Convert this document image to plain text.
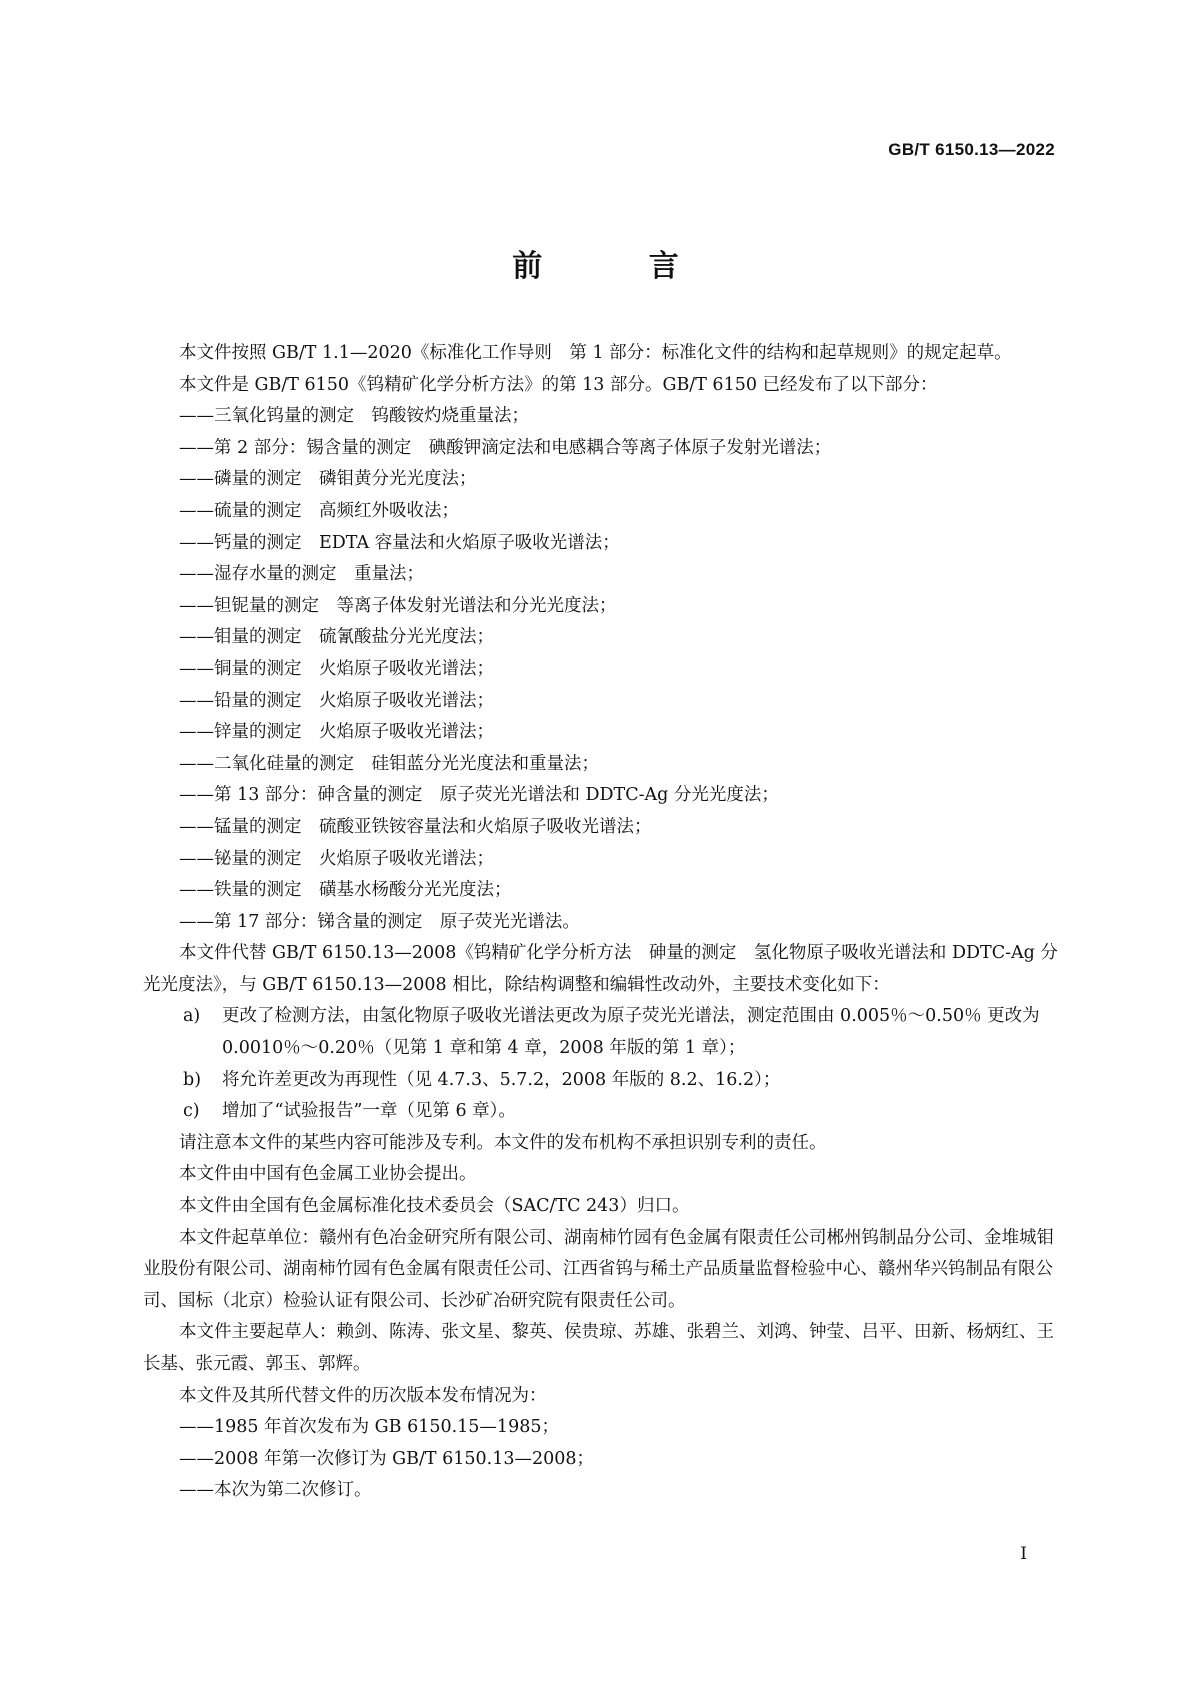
GB/T 6150.13—2022
前 言

本文件按照 GB/T 1.1—2020《标准化工作导则　第 1 部分：标准化文件的结构和起草规则》的规定起草。

本文件是 GB/T 6150《钨精矿化学分析方法》的第 13 部分。GB/T 6150 已经发布了以下部分：

——三氧化钨量的测定　钨酸铵灼烧重量法；

——第 2 部分：锡含量的测定　碘酸钾滴定法和电感耦合等离子体原子发射光谱法；

——磷量的测定　磷钼黄分光光度法；

——硫量的测定　高频红外吸收法；

——钙量的测定　EDTA 容量法和火焰原子吸收光谱法；

——湿存水量的测定　重量法；

——钽铌量的测定　等离子体发射光谱法和分光光度法；

——钼量的测定　硫氰酸盐分光光度法；

——铜量的测定　火焰原子吸收光谱法；

——铅量的测定　火焰原子吸收光谱法；

——锌量的测定　火焰原子吸收光谱法；

——二氧化硅量的测定　硅钼蓝分光光度法和重量法；

——第 13 部分：砷含量的测定　原子荧光光谱法和 DDTC-Ag 分光光度法；

——锰量的测定　硫酸亚铁铵容量法和火焰原子吸收光谱法；

——铋量的测定　火焰原子吸收光谱法；

——铁量的测定　磺基水杨酸分光光度法；

——第 17 部分：锑含量的测定　原子荧光光谱法。

本文件代替 GB/T 6150.13—2008《钨精矿化学分析方法　砷量的测定　氢化物原子吸收光谱法和 DDTC-Ag 分光光度法》，与 GB/T 6150.13—2008 相比，除结构调整和编辑性改动外，主要技术变化如下：

a)	更改了检测方法，由氢化物原子吸收光谱法更改为原子荧光光谱法，测定范围由 0.005％～0.50％ 更改为 0.0010％～0.20％（见第 1 章和第 4 章，2008 年版的第 1 章）；
b)	将允许差更改为再现性（见 4.7.3、5.7.2，2008 年版的 8.2、16.2）；
c)	增加了“试验报告”一章（见第 6 章）。

请注意本文件的某些内容可能涉及专利。本文件的发布机构不承担识别专利的责任。

本文件由中国有色金属工业协会提出。

本文件由全国有色金属标准化技术委员会（SAC/TC 243）归口。

本文件起草单位：赣州有色冶金研究所有限公司、湖南柿竹园有色金属有限责任公司郴州钨制品分公司、金堆城钼业股份有限公司、湖南柿竹园有色金属有限责任公司、江西省钨与稀土产品质量监督检验中心、赣州华兴钨制品有限公司、国标（北京）检验认证有限公司、长沙矿冶研究院有限责任公司。

本文件主要起草人：赖剑、陈涛、张文星、黎英、侯贵琼、苏雄、张碧兰、刘鸿、钟莹、吕平、田新、杨炳红、王长基、张元霞、郭玉、郭辉。

本文件及其所代替文件的历次版本发布情况为：

——1985 年首次发布为 GB 6150.15—1985；

——2008 年第一次修订为 GB/T 6150.13—2008；

——本次为第二次修订。

I
